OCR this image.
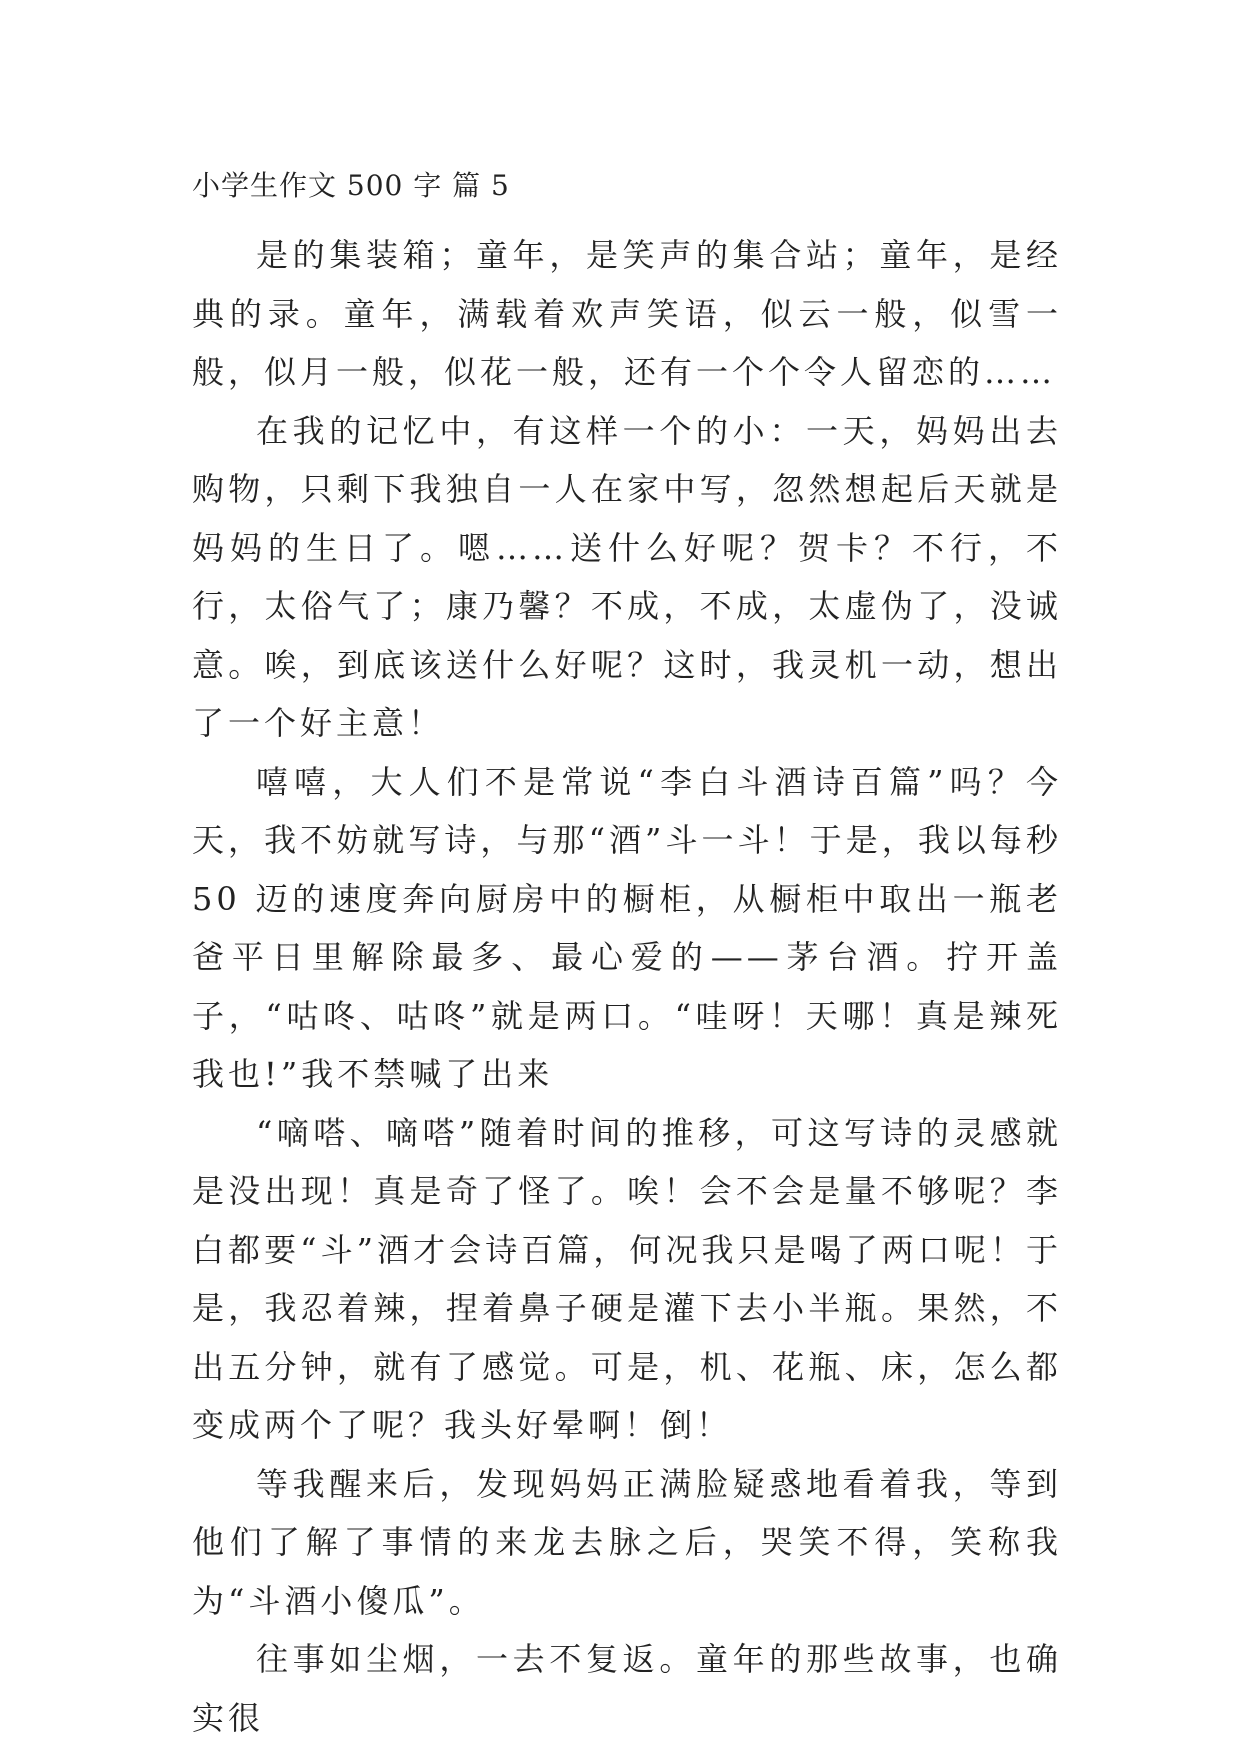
小学生作文 500 字 篇 5

是的集装箱；童年，是笑声的集合站；童年，是经典的录。童年，满载着欢声笑语，似云一般，似雪一般，似月一般，似花一般，还有一个个令人留恋的……

在我的记忆中，有这样一个的小：一天，妈妈出去购物，只剩下我独自一人在家中写，忽然想起后天就是妈妈的生日了。嗯……送什么好呢？贺卡？不行，不行，太俗气了；康乃馨？不成，不成，太虚伪了，没诚意。唉，到底该送什么好呢？这时，我灵机一动，想出了一个好主意！

嘻嘻，大人们不是常说“李白斗酒诗百篇”吗？今天，我不妨就写诗，与那“酒”斗一斗！于是，我以每秒 50 迈的速度奔向厨房中的橱柜，从橱柜中取出一瓶老爸平日里解除最多、最心爱的——茅台酒。拧开盖子，“咕咚、咕咚”就是两口。“哇呀！天哪！真是辣死我也!”我不禁喊了出来

“嘀嗒、嘀嗒”随着时间的推移，可这写诗的灵感就是没出现！真是奇了怪了。唉！会不会是量不够呢？李白都要“斗”酒才会诗百篇，何况我只是喝了两口呢！于是，我忍着辣，捏着鼻子硬是灌下去小半瓶。果然，不出五分钟，就有了感觉。可是，机、花瓶、床，怎么都变成两个了呢？我头好晕啊！倒！

等我醒来后，发现妈妈正满脸疑惑地看着我，等到他们了解了事情的来龙去脉之后，哭笑不得，笑称我为“斗酒小傻瓜”。

往事如尘烟，一去不复返。童年的那些故事，也确实很
